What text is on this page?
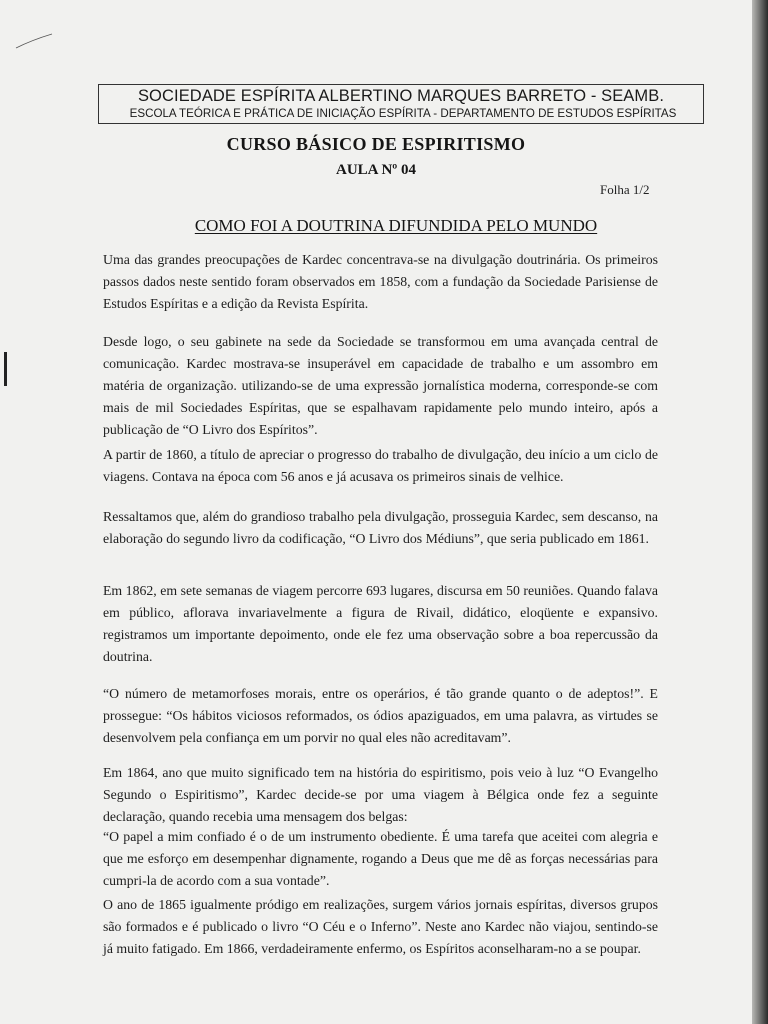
SOCIEDADE ESPÍRITA ALBERTINO MARQUES BARRETO - SEAMB.
ESCOLA TEÓRICA E PRÁTICA DE INICIAÇÃO ESPÍRITA - DEPARTAMENTO DE ESTUDOS ESPÍRITAS
CURSO BÁSICO DE ESPIRITISMO
AULA Nº 04
Folha 1/2
COMO FOI A DOUTRINA DIFUNDIDA PELO MUNDO

Uma das grandes preocupações de Kardec concentrava-se na divulgação doutrinária. Os primeiros passos dados neste sentido foram observados em 1858, com a fundação da Sociedade Parisiense de Estudos Espíritas e a edição da Revista Espírita.

Desde logo, o seu gabinete na sede da Sociedade se transformou em uma avançada central de comunicação. Kardec mostrava-se insuperável em capacidade de trabalho e um assombro em matéria de organização. utilizando-se de uma expressão jornalística moderna, corresponde-se com mais de mil Sociedades Espíritas, que se espalhavam rapidamente pelo mundo inteiro, após a publicação de “O Livro dos Espíritos”.

A partir de 1860, a título de apreciar o progresso do trabalho de divulgação, deu início a um ciclo de viagens. Contava na época com 56 anos e já acusava os primeiros sinais de velhice.

Ressaltamos que, além do grandioso trabalho pela divulgação, prosseguia Kardec, sem descanso, na elaboração do segundo livro da codificação, “O Livro dos Médiuns”, que seria publicado em 1861.

Em 1862, em sete semanas de viagem percorre 693 lugares, discursa em 50 reuniões. Quando falava em público, aflorava invariavelmente a figura de Rivail, didático, eloqüente e expansivo. registramos um importante depoimento, onde ele fez uma observação sobre a boa repercussão da doutrina.

“O número de metamorfoses morais, entre os operários, é tão grande quanto o de adeptos!”. E prossegue: “Os hábitos viciosos reformados, os ódios apaziguados, em uma palavra, as virtudes se desenvolvem pela confiança em um porvir no qual eles não acreditavam”.

Em 1864, ano que muito significado tem na história do espiritismo, pois veio à luz “O Evangelho Segundo o Espiritismo”, Kardec decide-se por uma viagem à Bélgica onde fez a seguinte declaração, quando recebia uma mensagem dos belgas:

“O papel a mim confiado é o de um instrumento obediente. É uma tarefa que aceitei com alegria e que me esforço em desempenhar dignamente, rogando a Deus que me dê as forças necessárias para cumpri-la de acordo com a sua vontade”.

O ano de 1865 igualmente pródigo em realizações, surgem vários jornais espíritas, diversos grupos são formados e é publicado o livro “O Céu e o Inferno”. Neste ano Kardec não viajou, sentindo-se já muito fatigado. Em 1866, verdadeiramente enfermo, os Espíritos aconselharam-no a se poupar.
